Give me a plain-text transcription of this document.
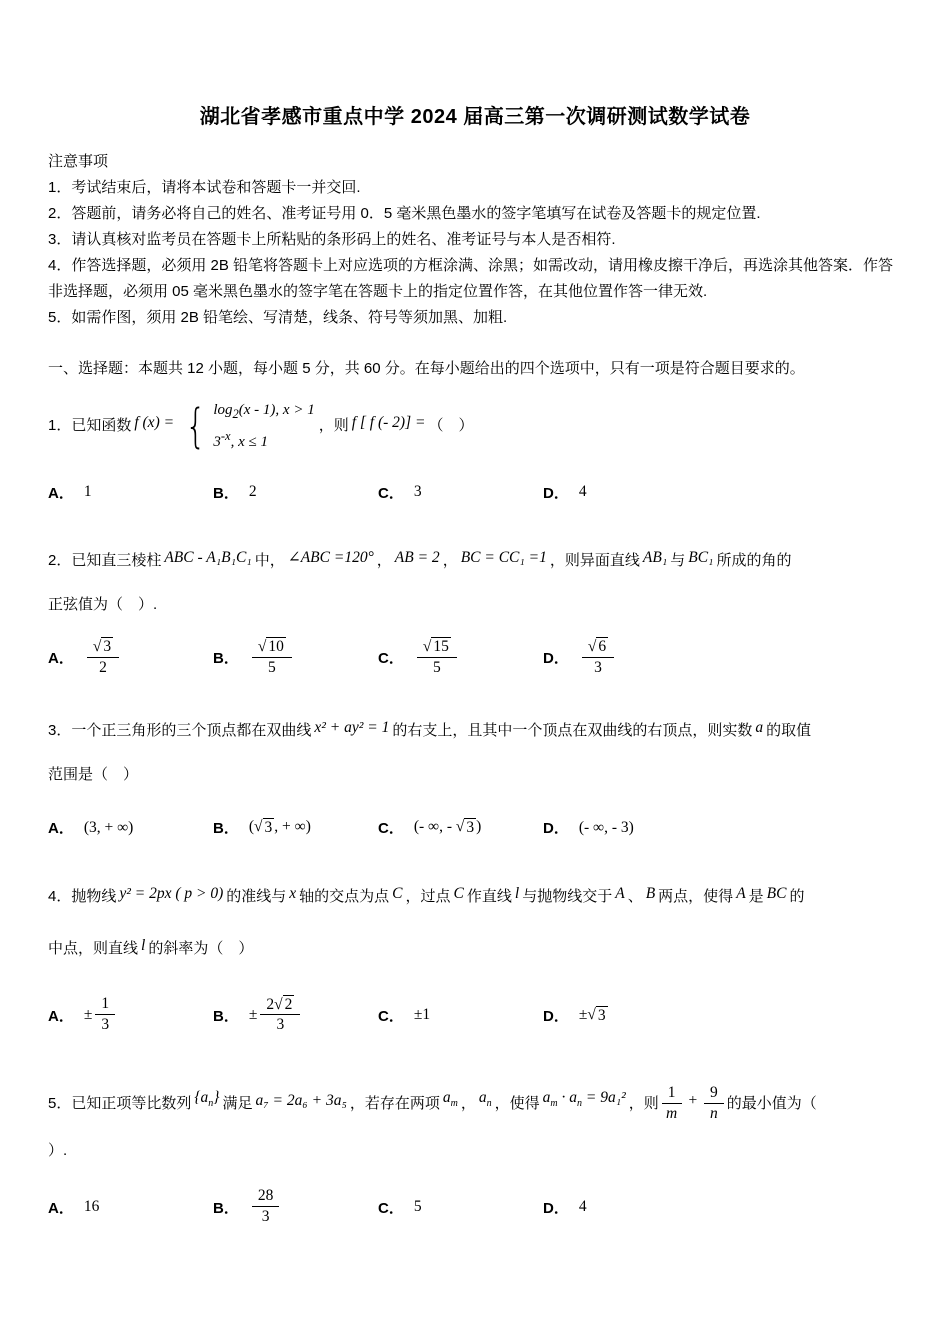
湖北省孝感市重点中学 2024 届高三第一次调研测试数学试卷
注意事项
1．考试结束后，请将本试卷和答题卡一并交回.
2．答题前，请务必将自己的姓名、准考证号用 0．5 毫米黑色墨水的签字笔填写在试卷及答题卡的规定位置.
3．请认真核对监考员在答题卡上所粘贴的条形码上的姓名、准考证号与本人是否相符.
4．作答选择题，必须用 2B 铅笔将答题卡上对应选项的方框涂满、涂黑；如需改动，请用橡皮擦干净后，再选涂其他答案．作答非选择题，必须用 05 毫米黑色墨水的签字笔在答题卡上的指定位置作答，在其他位置作答一律无效.
5．如需作图，须用 2B 铅笔绘、写清楚，线条、符号等须加黑、加粗.
一、选择题：本题共 12 小题，每小题 5 分，共 60 分。在每小题给出的四个选项中，只有一项是符合题目要求的。
1．已知函数 f (x) = { $\log_2(x - 1)$, x > 1
$3^{-x}$, x ≤ 1
，则 f [ f (- 2)] = （　）
A． 1	B． 2	C． 3	D． 4
2．已知直三棱柱 ABC - A₁B₁C₁ 中， ∠ABC =120° ， AB = 2 ， BC = CC₁ =1 ，则异面直线 AB₁ 与 BC₁ 所成的角的
正弦值为（　）.
A． $\frac{√ 3}{2}$	B． $\frac{√ 10}{5}$	C． $\frac{√ 15}{5}$	D． $\frac{√ 6}{3}$
3．一个正三角形的三个顶点都在双曲线 x² + ay² = 1 的右支上，且其中一个顶点在双曲线的右顶点，则实数 a 的取值
范围是（　）
A． (3, + ∞)	B． ( √ 3 , + ∞)	C． (- ∞, - √ 3 )	D． (- ∞, - 3)
4．抛物线 y² = 2px ( p > 0) 的准线与 x 轴的交点为点 C ，过点 C 作直线 l 与抛物线交于 A 、 B 两点，使得 A 是 BC 的
中点，则直线 l 的斜率为（　）
A． ± $\frac{1}{3}$	B． ± $\frac{2 √ 2}{3}$	C． ±1	D． ± √ 3
5．已知正项等比数列 $\{a_n\}$ 满足 a₇ = 2a₆ + 3a₅ ，若存在两项 $a_m$ ， $a_n$ ，使得 $a_m \cdot a_n = 9a_1^2$ ，则 $\frac{1}{m} + \frac{9}{n}$ 的最小值为（
）.
A． 16	B． $\frac{28}{3}$	C． 5	D． 4
